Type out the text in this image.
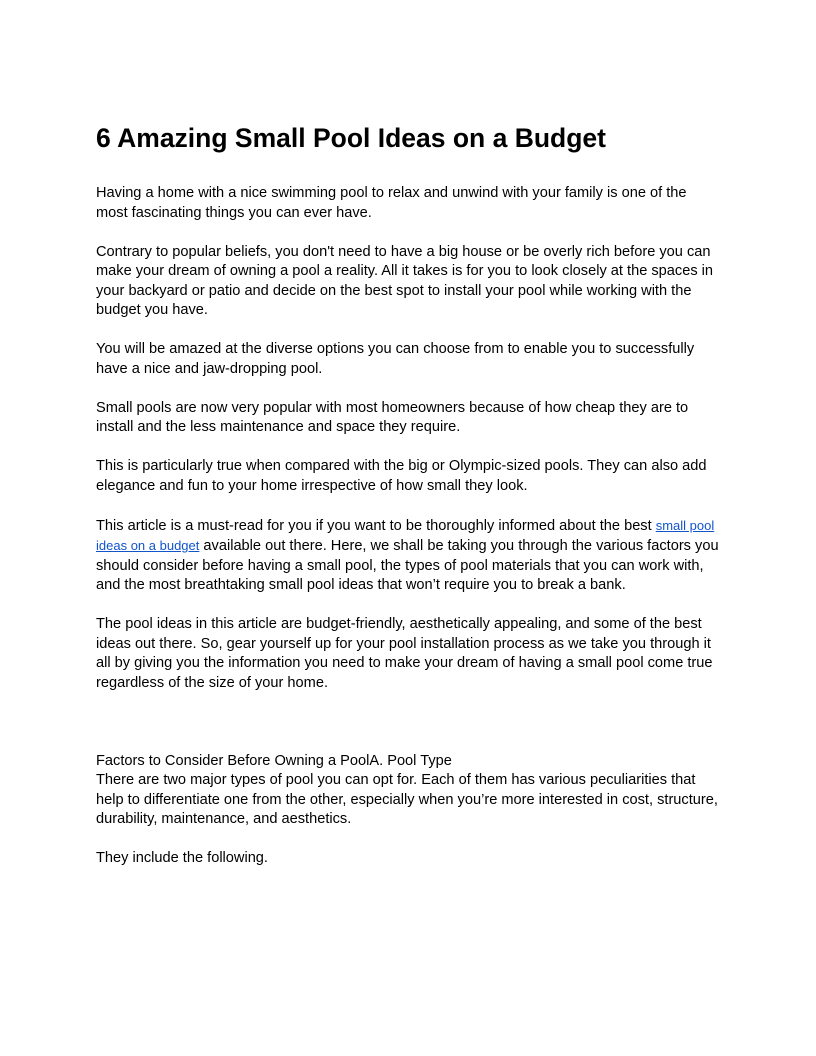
6 Amazing Small Pool Ideas on a Budget

Having a home with a nice swimming pool to relax and unwind with your family is one of the most fascinating things you can ever have.

Contrary to popular beliefs, you don't need to have a big house or be overly rich before you can make your dream of owning a pool a reality. All it takes is for you to look closely at the spaces in your backyard or patio and decide on the best spot to install your pool while working with the budget you have.

You will be amazed at the diverse options you can choose from to enable you to successfully have a nice and jaw-dropping pool.

Small pools are now very popular with most homeowners because of how cheap they are to install and the less maintenance and space they require.

This is particularly true when compared with the big or Olympic-sized pools. They can also add elegance and fun to your home irrespective of how small they look.

This article is a must-read for you if you want to be thoroughly informed about the best small pool ideas on a budget available out there. Here, we shall be taking you through the various factors you should consider before having a small pool, the types of pool materials that you can work with, and the most breathtaking small pool ideas that won’t require you to break a bank.

The pool ideas in this article are budget-friendly, aesthetically appealing, and some of the best ideas out there. So, gear yourself up for your pool installation process as we take you through it all by giving you the information you need to make your dream of having a small pool come true regardless of the size of your home.

Factors to Consider Before Owning a PoolA. Pool Type

There are two major types of pool you can opt for. Each of them has various peculiarities that help to differentiate one from the other, especially when you’re more interested in cost, structure, durability, maintenance, and aesthetics.

They include the following.
